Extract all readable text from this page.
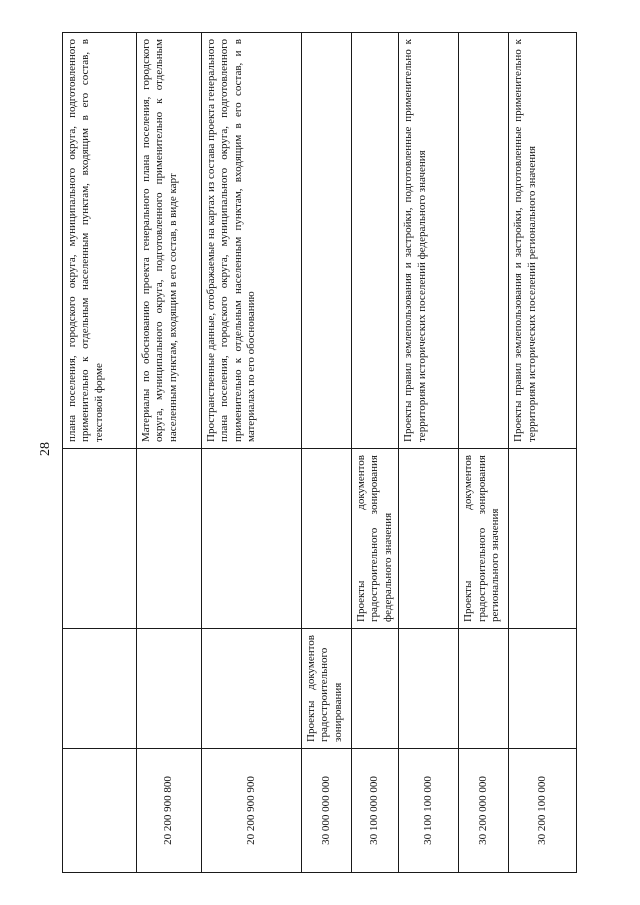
28
			плана поселения, городского округа, муниципального округа, подготовленного применительно к отдельным населенным пунктам, входящим в его состав, в текстовой форме
20 200 900 800			Материалы по обоснованию проекта генерального плана поселения, городского округа, муниципального округа, подготовленного применительно к отдельным населенным пунктам, входящим в его состав, в виде карт
20 200 900 900			Пространственные данные, отображаемые на картах из состава проекта генерального плана поселения, городского округа, муниципального округа, подготовленного применительно к отдельным населенным пунктам, входящим в его состав, и в материалах по его обоснованию
30 000 000 000	Проекты документов градостроительного зонирования		
30 100 000 000		Проекты документов градостроительного зонирования федерального значения	
30 100 100 000			Проекты правил землепользования и застройки, подготовленные применительно к территориям исторических поселений федерального значения
30 200 000 000		Проекты документов градостроительного зонирования регионального значения	
30 200 100 000			Проекты правил землепользования и застройки, подготовленные применительно к территориям исторических поселений регионального значения
